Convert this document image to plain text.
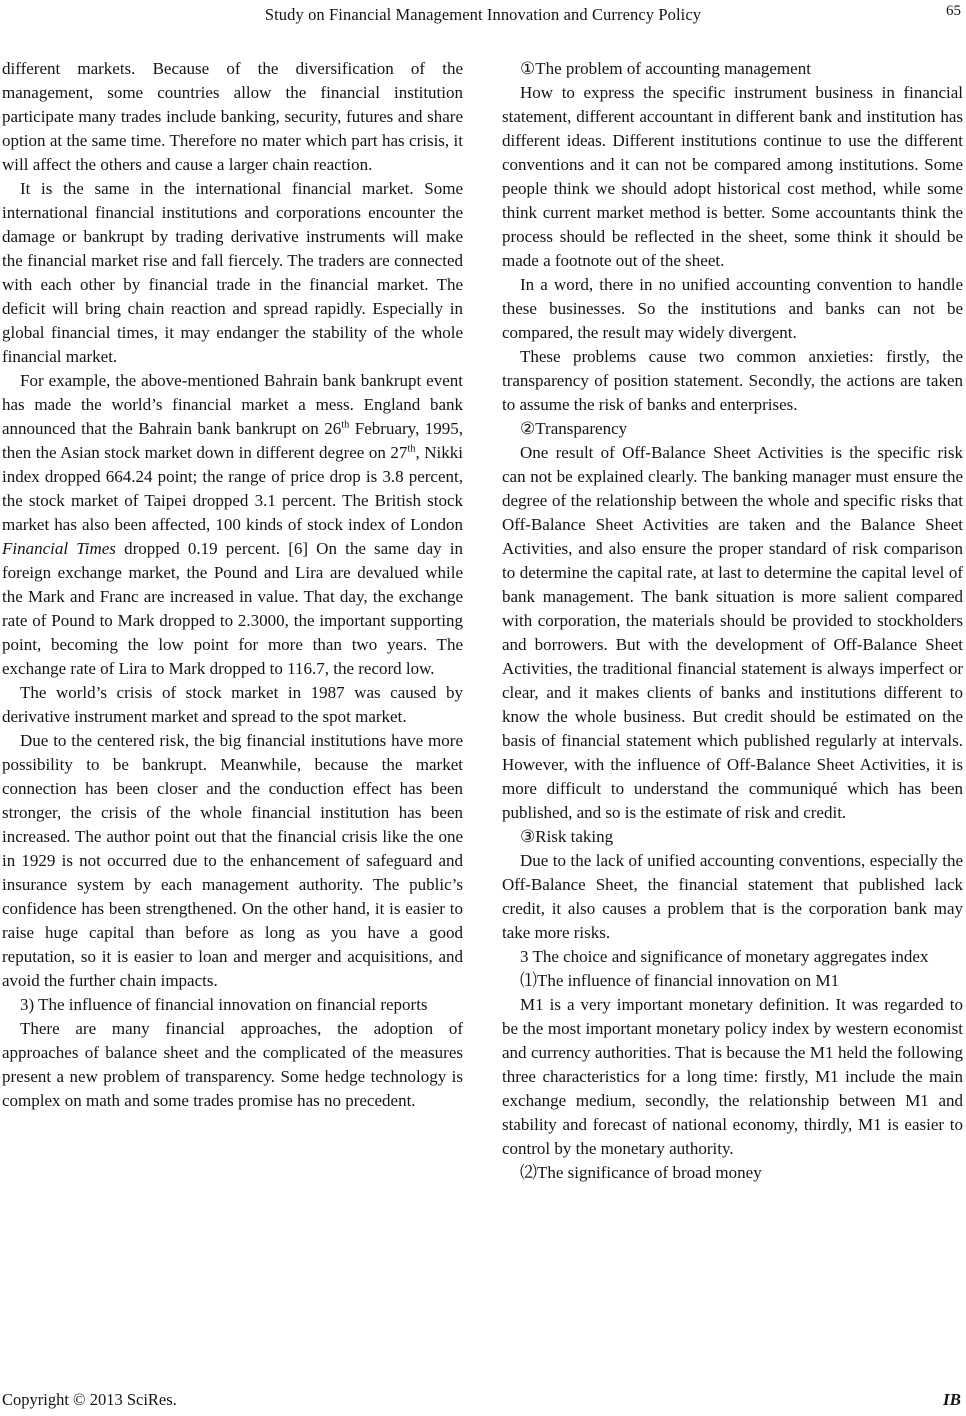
Study on Financial Management Innovation and Currency Policy	65

different markets. Because of the diversification of the management, some countries allow the financial institution participate many trades include banking, security, futures and share option at the same time. Therefore no mater which part has crisis, it will affect the others and cause a larger chain reaction.

It is the same in the international financial market. Some international financial institutions and corporations encounter the damage or bankrupt by trading derivative instruments will make the financial market rise and fall fiercely. The traders are connected with each other by financial trade in the financial market. The deficit will bring chain reaction and spread rapidly. Especially in global financial times, it may endanger the stability of the whole financial market.

For example, the above-mentioned Bahrain bank bankrupt event has made the world’s financial market a mess. England bank announced that the Bahrain bank bankrupt on 26th February, 1995, then the Asian stock market down in different degree on 27th, Nikki index dropped 664.24 point; the range of price drop is 3.8 percent, the stock market of Taipei dropped 3.1 percent. The British stock market has also been affected, 100 kinds of stock index of London Financial Times dropped 0.19 percent. [6] On the same day in foreign exchange market, the Pound and Lira are devalued while the Mark and Franc are increased in value. That day, the exchange rate of Pound to Mark dropped to 2.3000, the important supporting point, becoming the low point for more than two years. The exchange rate of Lira to Mark dropped to 116.7, the record low.

The world’s crisis of stock market in 1987 was caused by derivative instrument market and spread to the spot market.

Due to the centered risk, the big financial institutions have more possibility to be bankrupt. Meanwhile, because the market connection has been closer and the conduction effect has been stronger, the crisis of the whole financial institution has been increased. The author point out that the financial crisis like the one in 1929 is not occurred due to the enhancement of safeguard and insurance system by each management authority. The public’s confidence has been strengthened. On the other hand, it is easier to raise huge capital than before as long as you have a good reputation, so it is easier to loan and merger and acquisitions, and avoid the further chain impacts.

3) The influence of financial innovation on financial reports

There are many financial approaches, the adoption of approaches of balance sheet and the complicated of the measures present a new problem of transparency. Some hedge technology is complex on math and some trades promise has no precedent.

①The problem of accounting management

How to express the specific instrument business in financial statement, different accountant in different bank and institution has different ideas. Different institutions continue to use the different conventions and it can not be compared among institutions. Some people think we should adopt historical cost method, while some think current market method is better. Some accountants think the process should be reflected in the sheet, some think it should be made a footnote out of the sheet.

In a word, there in no unified accounting convention to handle these businesses. So the institutions and banks can not be compared, the result may widely divergent.

These problems cause two common anxieties: firstly, the transparency of position statement. Secondly, the actions are taken to assume the risk of banks and enterprises.

②Transparency

One result of Off-Balance Sheet Activities is the specific risk can not be explained clearly. The banking manager must ensure the degree of the relationship between the whole and specific risks that Off-Balance Sheet Activities are taken and the Balance Sheet Activities, and also ensure the proper standard of risk comparison to determine the capital rate, at last to determine the capital level of bank management. The bank situation is more salient compared with corporation, the materials should be provided to stockholders and borrowers. But with the development of Off-Balance Sheet Activities, the traditional financial statement is always imperfect or clear, and it makes clients of banks and institutions different to know the whole business. But credit should be estimated on the basis of financial statement which published regularly at intervals. However, with the influence of Off-Balance Sheet Activities, it is more difficult to understand the communiqué which has been published, and so is the estimate of risk and credit.

③Risk taking

Due to the lack of unified accounting conventions, especially the Off-Balance Sheet, the financial statement that published lack credit, it also causes a problem that is the corporation bank may take more risks.

3 The choice and significance of monetary aggregates index

⑴The influence of financial innovation on M1

M1 is a very important monetary definition. It was regarded to be the most important monetary policy index by western economist and currency authorities. That is because the M1 held the following three characteristics for a long time: firstly, M1 include the main exchange medium, secondly, the relationship between M1 and stability and forecast of national economy, thirdly, M1 is easier to control by the monetary authority.

⑵The significance of broad money

Copyright © 2013 SciRes.	IB
